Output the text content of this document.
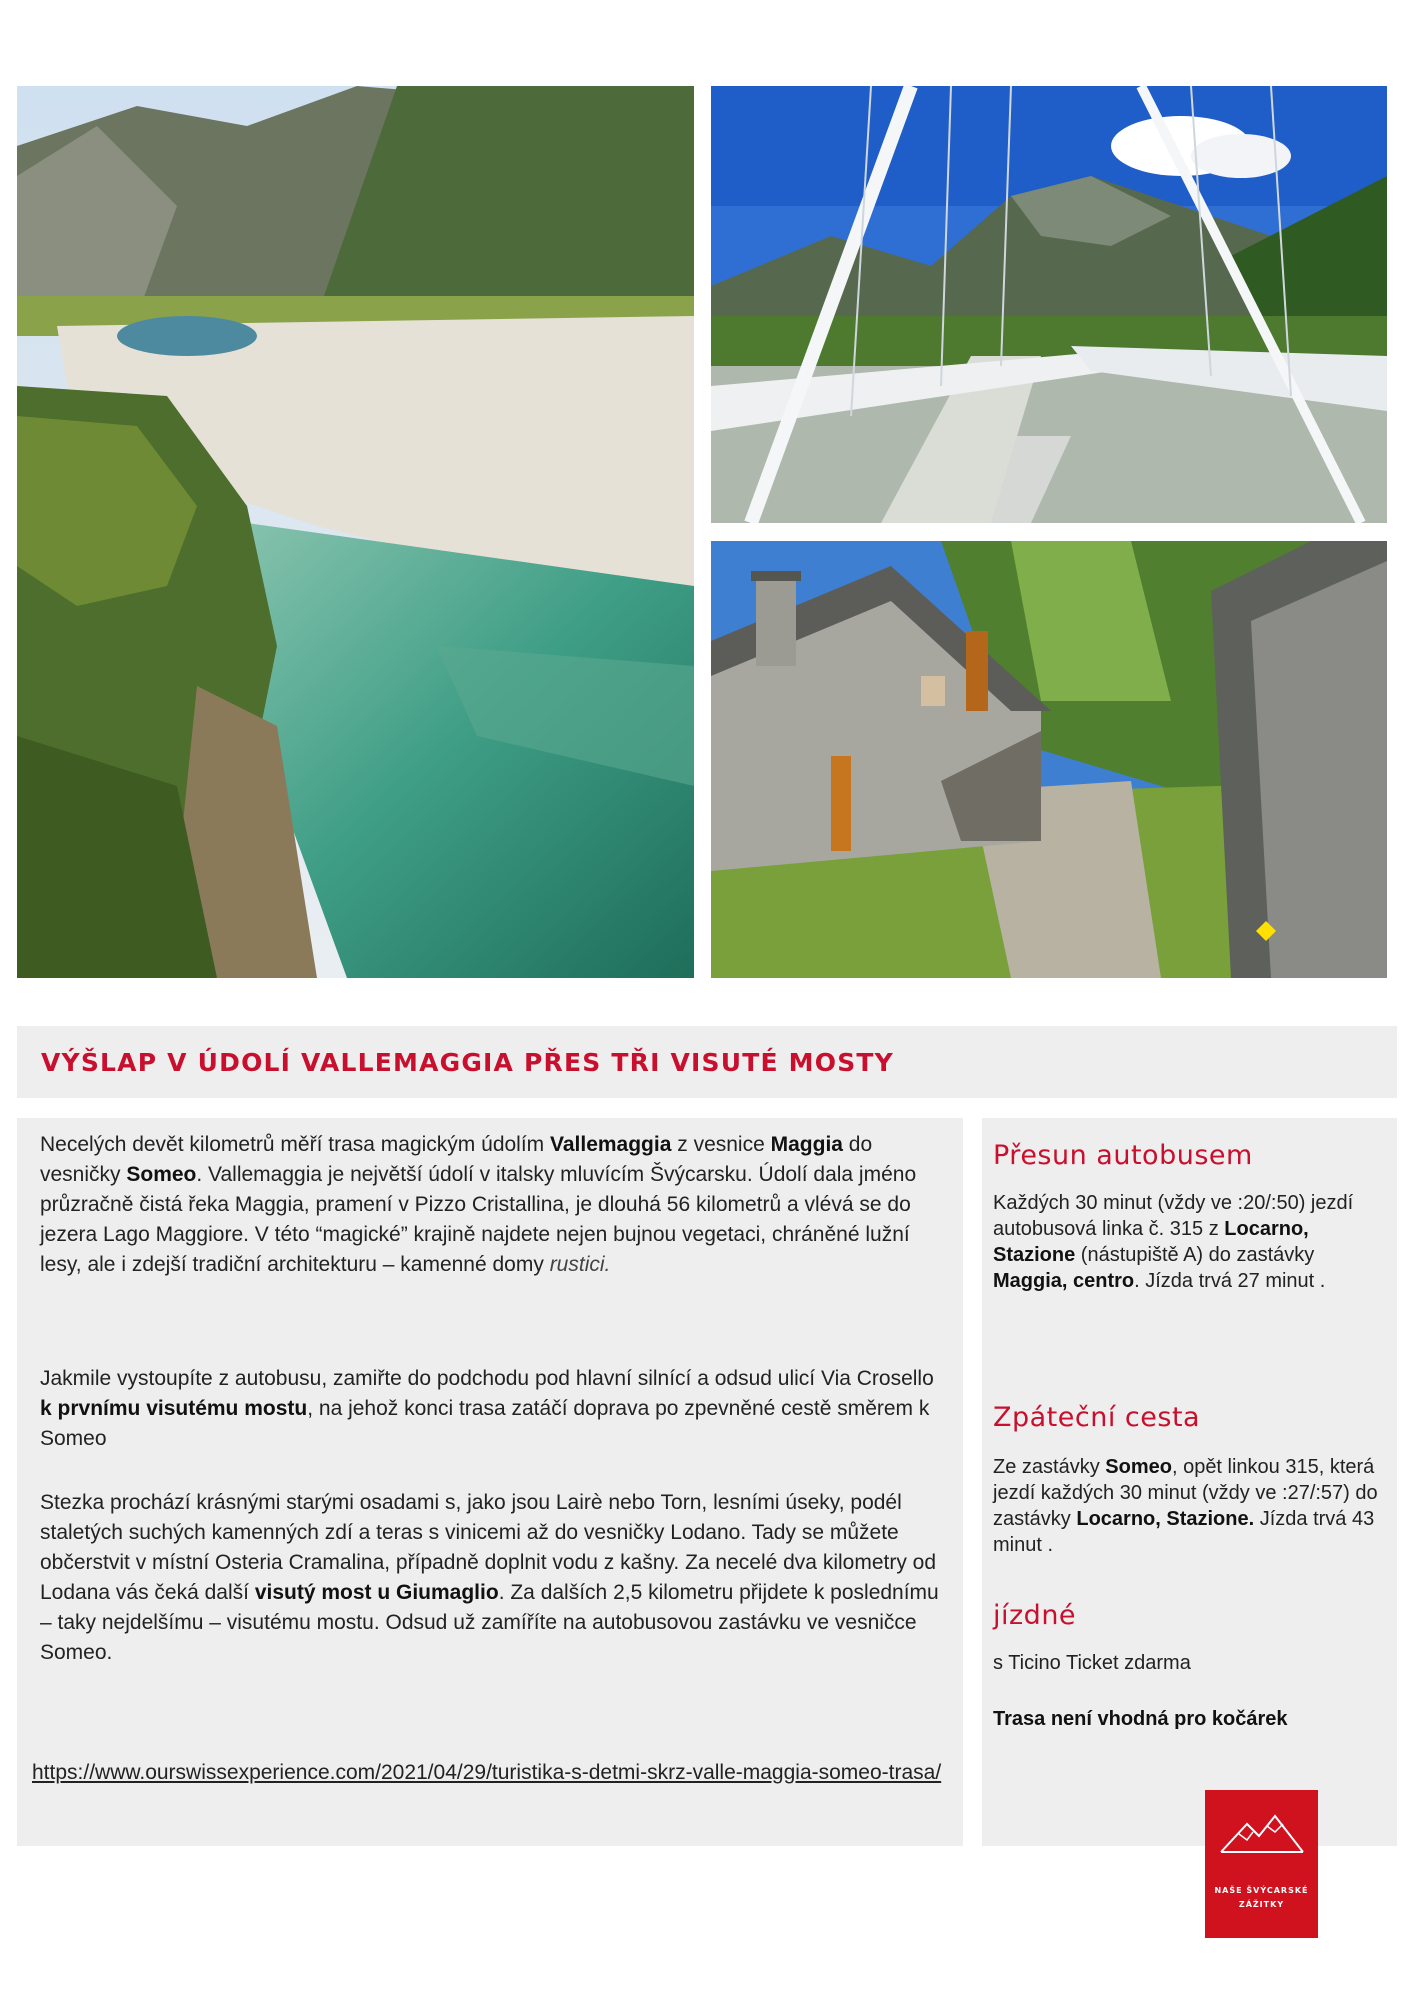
VÝŠLAP V ÚDOLÍ VALLEMAGGIA PŘES TŘI VISUTÉ MOSTY

Necelých devět kilometrů měří trasa magickým údolím Vallemaggia z vesnice Maggia do vesničky Someo. Vallemaggia je největší údolí v italsky mluvícím Švýcarsku. Údolí dala jméno průzračně čistá řeka Maggia, pramení v Pizzo Cristallina, je dlouhá 56 kilometrů a vlévá se do jezera Lago Maggiore. V této “magické” krajině najdete nejen bujnou vegetaci, chráněné lužní lesy, ale i zdejší tradiční architekturu – kamenné domy rustici.

Jakmile vystoupíte z autobusu, zamiřte do podchodu pod hlavní silnící a odsud ulicí Via Crosello k prvnímu visutému mostu, na jehož konci trasa zatáčí doprava po zpevněné cestě směrem k Someo

Stezka prochází krásnými starými osadami s, jako jsou Lairè nebo Torn, lesními úseky, podél staletých suchých kamenných zdí a teras s vinicemi až do vesničky Lodano. Tady se můžete občerstvit v místní Osteria Cramalina, případně doplnit vodu z kašny. Za necelé dva kilometry od Lodana vás čeká další visutý most u Giumaglio. Za dalších 2,5 kilometru přijdete k poslednímu – taky nejdelšímu – visutému mostu. Odsud už zamíříte na autobusovou zastávku ve vesničce Someo.

https://www.ourswissexperience.com/2021/04/29/turistika-s-detmi-skrz-valle-maggia-someo-trasa/
Přesun autobusem

Každých 30 minut (vždy ve :20/:50) jezdí autobusová linka č. 315 z Locarno, Stazione (nástupiště A) do zastávky Maggia, centro. Jízda trvá 27 minut .

Zpáteční cesta

Ze zastávky Someo, opět linkou 315, která jezdí každých 30 minut (vždy ve :27/:57) do zastávky Locarno, Stazione. Jízda trvá 43 minut .

jízdné

s Ticino Ticket zdarma

Trasa není vhodná pro kočárek

NAŠE ŠVÝCARSKÉ
ZÁŽITKY
